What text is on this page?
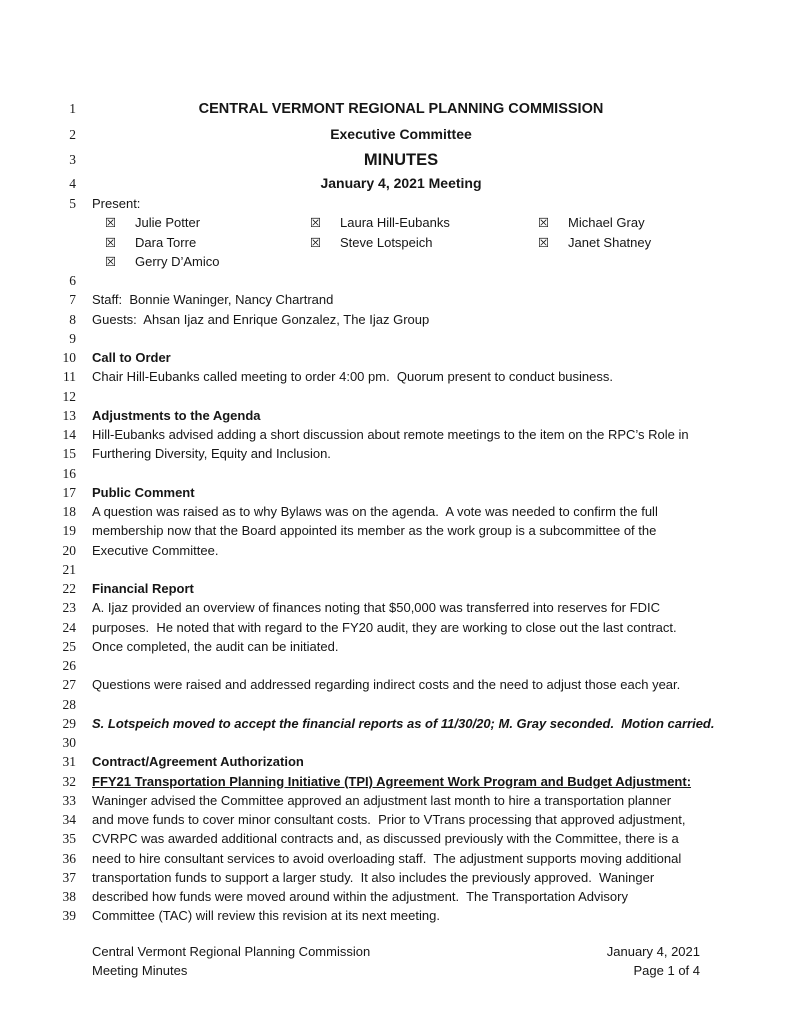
1	CENTRAL VERMONT REGIONAL PLANNING COMMISSION
2	Executive Committee
3	MINUTES
4	January 4, 2021 Meeting
5 Present:
☒ Julie Potter	☒ Laura Hill-Eubanks	☒ Michael Gray
☒ Dara Torre	☒ Steve Lotspeich	☒ Janet Shatney
☒ Gerry D’Amico
6
7 Staff:  Bonnie Waninger, Nancy Chartrand
8 Guests:  Ahsan Ijaz and Enrique Gonzalez, The Ijaz Group
9
10 Call to Order
11 Chair Hill-Eubanks called meeting to order 4:00 pm.  Quorum present to conduct business.
12
13 Adjustments to the Agenda
14 Hill-Eubanks advised adding a short discussion about remote meetings to the item on the RPC’s Role in
15 Furthering Diversity, Equity and Inclusion.
16
17 Public Comment
18 A question was raised as to why Bylaws was on the agenda.  A vote was needed to confirm the full
19 membership now that the Board appointed its member as the work group is a subcommittee of the
20 Executive Committee.
21
22 Financial Report
23 A. Ijaz provided an overview of finances noting that $50,000 was transferred into reserves for FDIC
24 purposes.  He noted that with regard to the FY20 audit, they are working to close out the last contract.
25 Once completed, the audit can be initiated.
26
27 Questions were raised and addressed regarding indirect costs and the need to adjust those each year.
28
29 S. Lotspeich moved to accept the financial reports as of 11/30/20; M. Gray seconded.  Motion carried.
30
31 Contract/Agreement Authorization
32 FFY21 Transportation Planning Initiative (TPI) Agreement Work Program and Budget Adjustment:
33 Waninger advised the Committee approved an adjustment last month to hire a transportation planner
34 and move funds to cover minor consultant costs.  Prior to VTrans processing that approved adjustment,
35 CVRPC was awarded additional contracts and, as discussed previously with the Committee, there is a
36 need to hire consultant services to avoid overloading staff.  The adjustment supports moving additional
37 transportation funds to support a larger study.  It also includes the previously approved.  Waninger
38 described how funds were moved around within the adjustment.  The Transportation Advisory
39 Committee (TAC) will review this revision at its next meeting.
Central Vermont Regional Planning Commission
Meeting Minutes
January 4, 2021
Page 1 of 4
